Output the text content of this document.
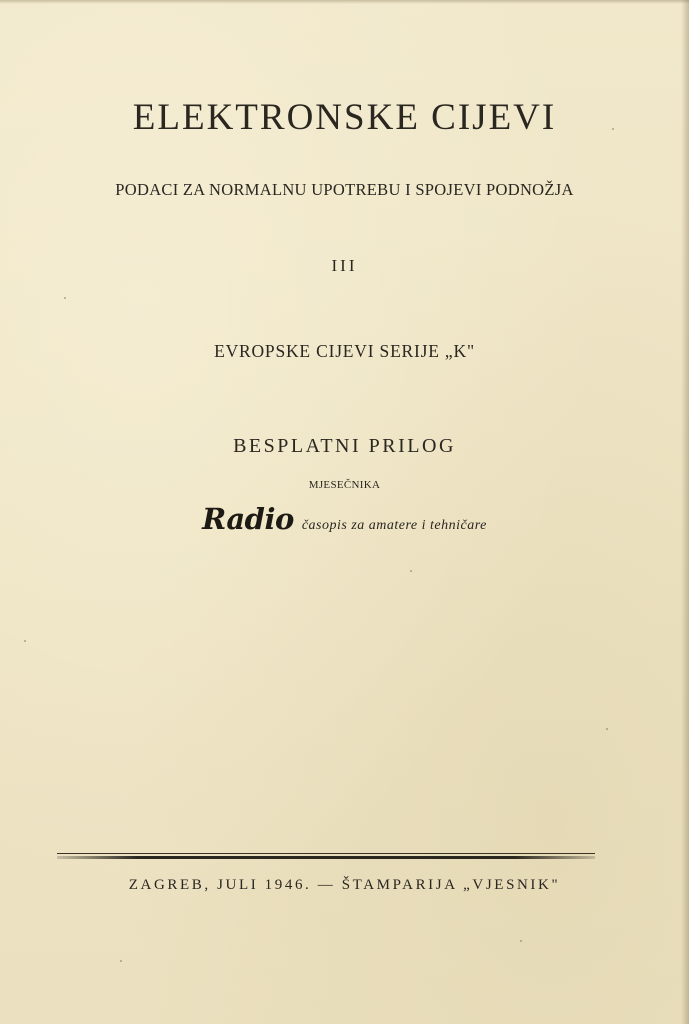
ELEKTRONSKE CIJEVI
PODACI ZA NORMALNU UPOTREBU I SPOJEVI PODNOŽJA
III
EVROPSKE CIJEVI SERIJE „K"
BESPLATNI PRILOG
MJESEČNIKA
Radio časopis za amatere i tehničare
ZAGREB, JULI 1946. — ŠTAMPARIJA „VJESNIK"
